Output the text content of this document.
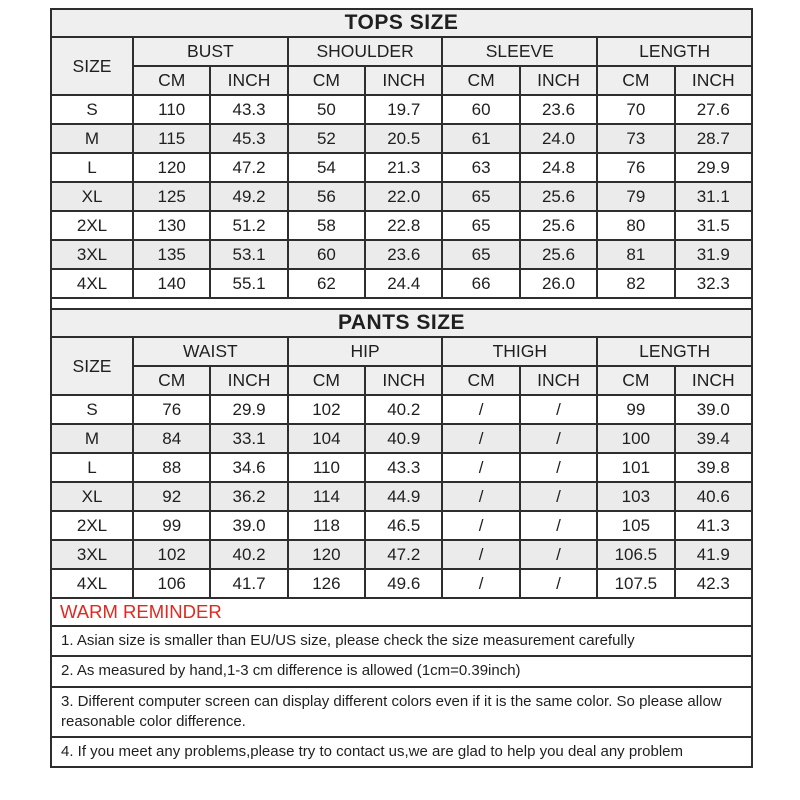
TOPS SIZE								
SIZE	BUST		SHOULDER		SLEEVE		LENGTH	
	CM	INCH	CM	INCH	CM	INCH	CM	INCH
S	110	43.3	50	19.7	60	23.6	70	27.6
M	115	45.3	52	20.5	61	24.0	73	28.7
L	120	47.2	54	21.3	63	24.8	76	29.9
XL	125	49.2	56	22.0	65	25.6	79	31.1
2XL	130	51.2	58	22.8	65	25.6	80	31.5
3XL	135	53.1	60	23.6	65	25.6	81	31.9
4XL	140	55.1	62	24.4	66	26.0	82	32.3

PANTS SIZE								
SIZE	WAIST		HIP		THIGH		LENGTH	
	CM	INCH	CM	INCH	CM	INCH	CM	INCH
S	76	29.9	102	40.2	/	/	99	39.0
M	84	33.1	104	40.9	/	/	100	39.4
L	88	34.6	110	43.3	/	/	101	39.8
XL	92	36.2	114	44.9	/	/	103	40.6
2XL	99	39.0	118	46.5	/	/	105	41.3
3XL	102	40.2	120	47.2	/	/	106.5	41.9
4XL	106	41.7	126	49.6	/	/	107.5	42.3
WARM REMINDER								
1. Asian size is smaller than EU/US size, please check the size measurement carefully								
2. As measured by hand,1-3 cm difference is allowed (1cm=0.39inch)								
3. Different computer screen can display different colors even if it is the same color. So please allow reasonable color difference.								
4. If you meet any problems,please try to contact us,we are glad to help you deal any problem								
